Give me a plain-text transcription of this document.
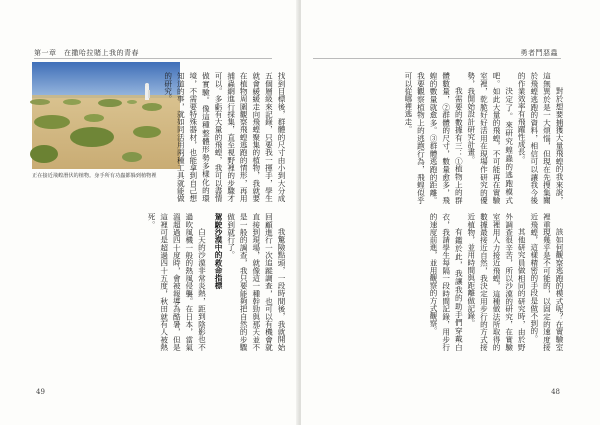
第一章　在撒哈拉賭上我的青春
正在接近飛蝗潛伏的植物。身手所有功蟲都躲到植物裡	找到目標後，群體的尺寸由小到大分成五個層級來記錄，只要我一揮手，學生就會緩緩走向飛蝗聚集的植物，我就要在植物周圍觀察飛蝗逃跑的情形，再用捕蟲網進行採集，直至視野裡的步驟才可以。多虧有大量的飛蝗，我可以盡情做實驗。像這種整體形勢多樣化的環境，不需要特殊器材，也能拿到自己想知道的事，就如同活用兩種工具就能做的研究。
我驚險點頭，一段時間後，我就開始回顧進行一次追蹤調查，也可以有機會就直接到現場，就像這一種幹勁與那天並不是一般的調查，我只要能夠把自然的步驟做到就行了。
駕駛沙漠中的救命指標
白天的沙漠非常炎熱，距到陰影也不過吹風機一般的熱風侵襲。在日本，當氣溫超過四十度時，會被報導為酷暑，但是這裡可是超過四十五度，秋田就有人被熱死。
49
勇者鬥惡蟲
對於想要捕獲大量飛蝗的我來說，這無異於是一大煩惱，但現在先搜集關於飛蝗逃跑的資料，相信可以讓我今後的作業效率有飛躍性成長。
決定了。來研究蝗蟲的逃跑模式吧。如此大量的飛蝗，不可能再在實驗室裡，乾脆好好活用在現場作研究的優勢，我開始設計研究計畫。
我需要的數據有三：①植物上的群體數量，②群體的尺寸，數量愈多，飛蝗的數量就愈多。③群體逃跑的距離。我要觀察植物上的逃跑行為，飛蝗似乎可以從哪裡逃走。
該如何觀察逃跑的模式呢？在實驗室裡重現幾乎是不可能的，以固定的速度接近飛蝗，這樣精密的手段是做不到的。
其他研究員做相同的研究時，由於野外調查很辛苦，所以沙漠的研究，在實驗室裡用人力接近飛蝗，這種做法所取得的數據最接近自然，我決定用步行的方式接近植物，並用時間與距離做記錄。
有鑑於此，我讓我的助手們穿戴白衣，我請學生每隔一段時間記錄，用步行的速度前進，並用觀察的方式觀察。
48
